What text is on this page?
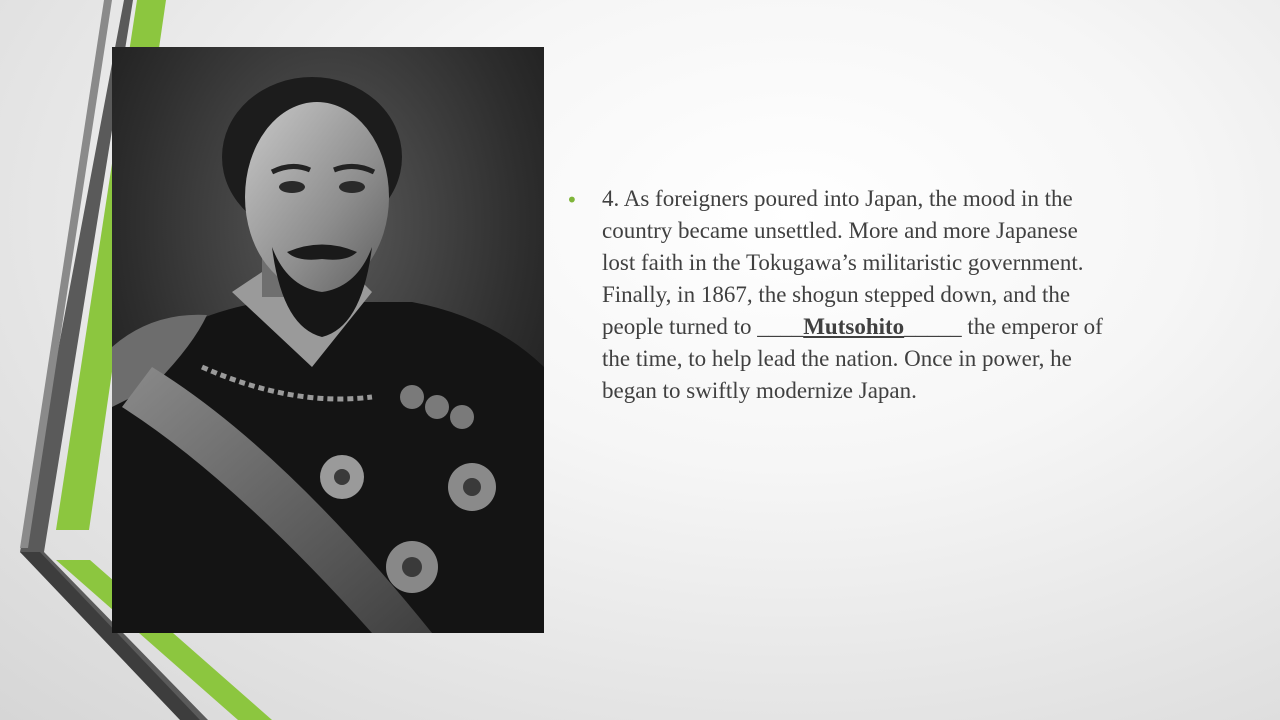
• 4. As foreigners poured into Japan, the mood in the country became unsettled. More and more Japanese lost faith in the Tokugawa’s militaristic government. Finally, in 1867, the shogun stepped down, and the people turned to ____Mutsohito_____ the emperor of the time, to help lead the nation. Once in power, he began to swiftly modernize Japan.
